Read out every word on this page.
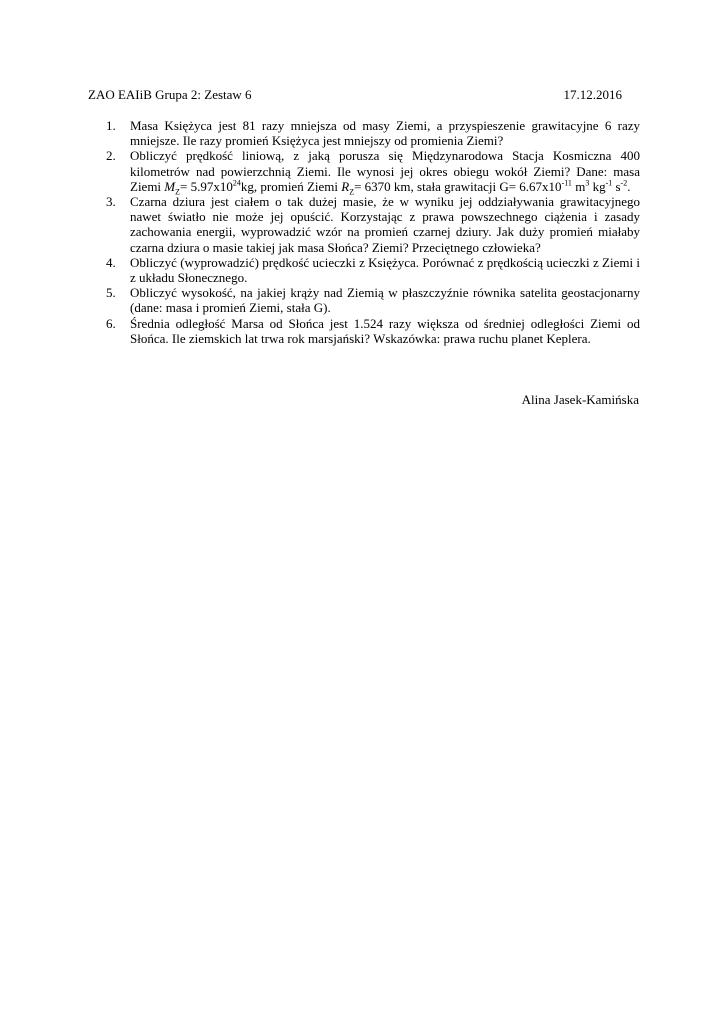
ZAO EAIiB Grupa 2: Zestaw 6	17.12.2016
1. Masa Księżyca jest 81 razy mniejsza od masy Ziemi, a przyspieszenie grawitacyjne 6 razy mniejsze. Ile razy promień Księżyca jest mniejszy od promienia Ziemi?
2. Obliczyć prędkość liniową, z jaką porusza się Międzynarodowa Stacja Kosmiczna 400 kilometrów nad powierzchnią Ziemi. Ile wynosi jej okres obiegu wokół Ziemi? Dane: masa Ziemi $M_Z= 5.97x10^{24}kg$, promień Ziemi $R_Z= 6370$ km, stała grawitacji $G= 6.67x10^{-11}$ $m^3$ $kg^{-1}$ $s^{-2}$.
3. Czarna dziura jest ciałem o tak dużej masie, że w wyniku jej oddziaływania grawitacyjnego nawet światło nie może jej opuścić. Korzystając z prawa powszechnego ciążenia i zasady zachowania energii, wyprowadzić wzór na promień czarnej dziury. Jak duży promień miałaby czarna dziura o masie takiej jak masa Słońca? Ziemi? Przeciętnego człowieka?
4. Obliczyć (wyprowadzić) prędkość ucieczki z Księżyca. Porównać z prędkością ucieczki z Ziemi i z układu Słonecznego.
5. Obliczyć wysokość, na jakiej krąży nad Ziemią w płaszczyźnie równika satelita geostacjonarny (dane: masa i promień Ziemi, stała G).
6. Średnia odległość Marsa od Słońca jest 1.524 razy większa od średniej odległości Ziemi od Słońca. Ile ziemskich lat trwa rok marsjański? Wskazówka: prawa ruchu planet Keplera.
Alina Jasek-Kamińska
